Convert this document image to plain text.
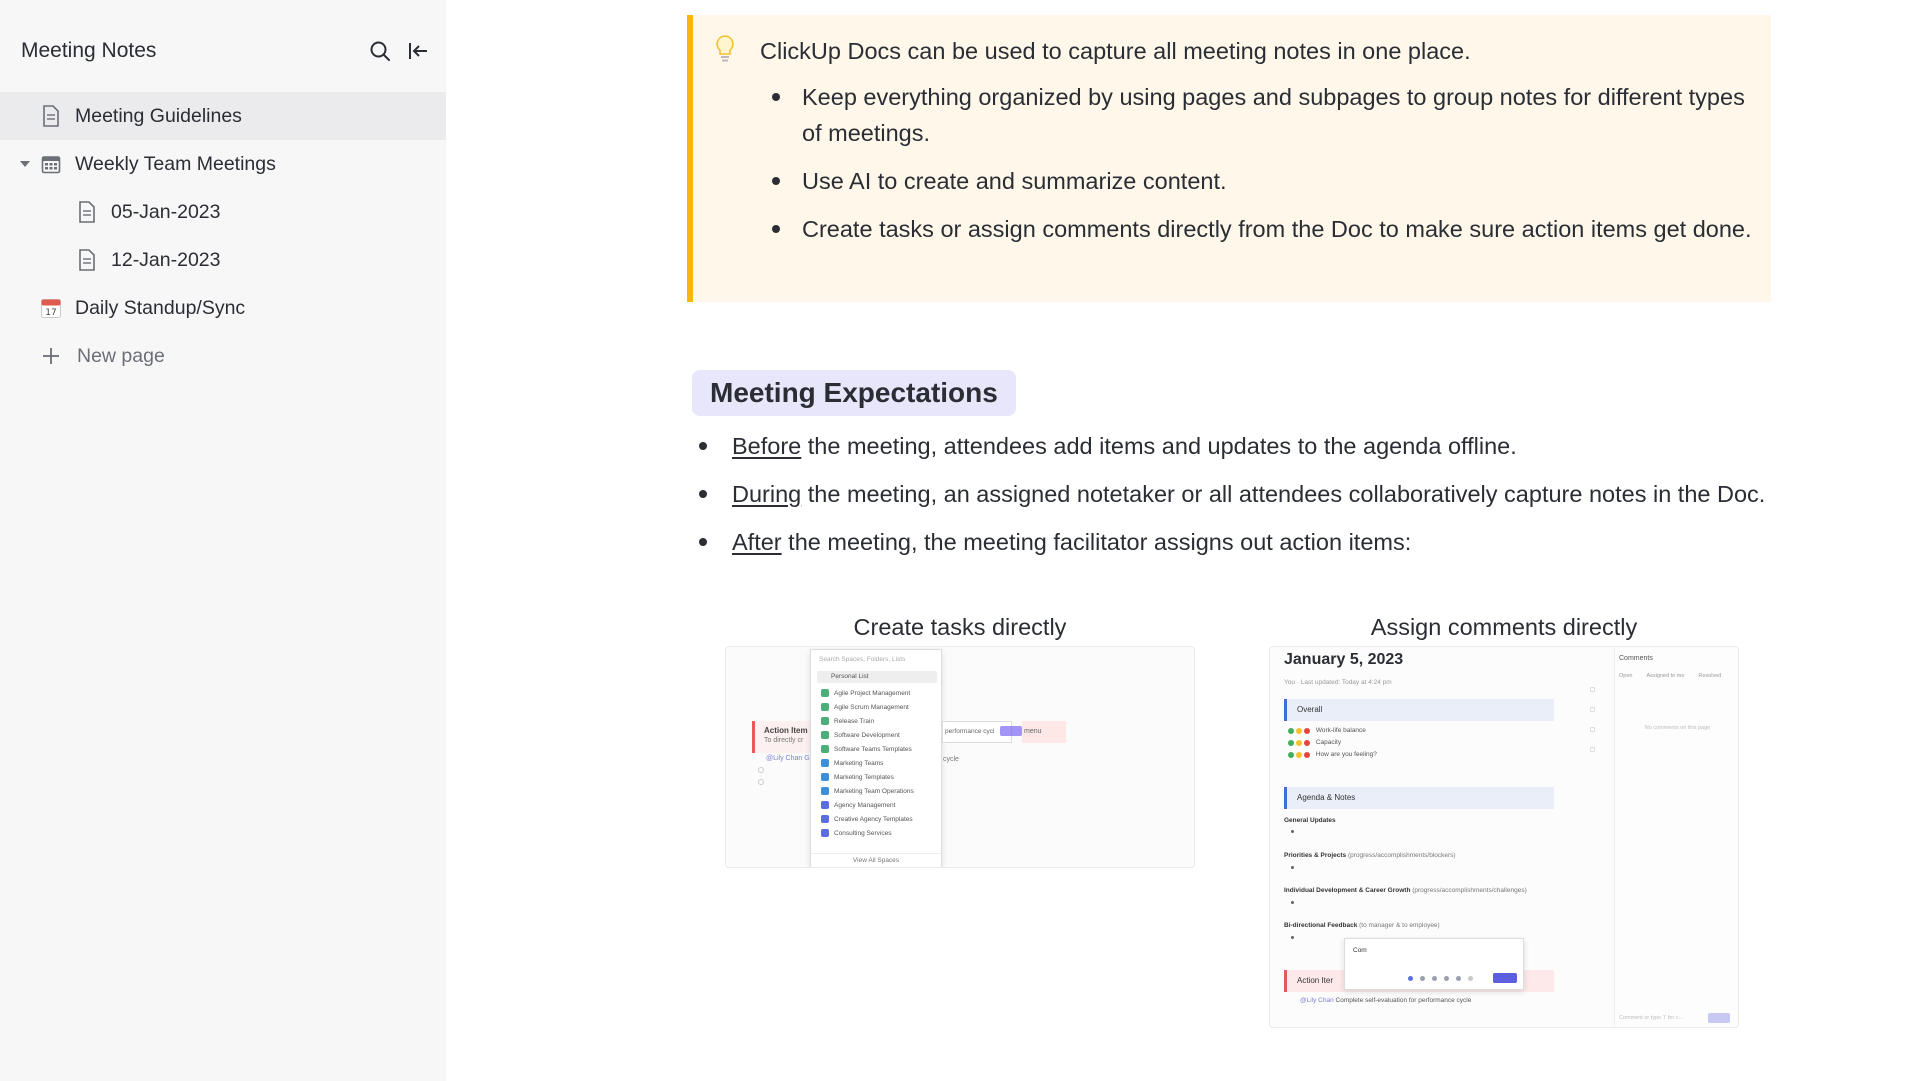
Meeting Notes
Meeting Guidelines
Weekly Team Meetings
05-Jan-2023
12-Jan-2023
17 Daily Standup/Sync
New page
ClickUp Docs can be used to capture all meeting notes in one place.
Keep everything organized by using pages and subpages to group notes for different types of meetings.
Use AI to create and summarize content.
Create tasks or assign comments directly from the Doc to make sure action items get done.
Meeting Expectations
Before the meeting, attendees add items and updates to the agenda offline.
During the meeting, an assigned notetaker or all attendees collaboratively capture notes in the Doc.
After the meeting, the meeting facilitator assigns out action items:
Create tasks directly	Assign comments directly
Action Item
To directly cr
@Lily Chan G
Search Spaces, Folders, Lists
Personal List
Agile Project Management
Agile Scrum Management
Release Train
Software Development
Software Teams Templates
Marketing Teams
Marketing Templates
Marketing Team Operations
Agency Management
Creative Agency Templates
Consulting Services
View All Spaces
performance cycl	menu
cycle
January 5, 2023
You · Last updated: Today at 4:24 pm
Overall

Work-life balance

Capacity

How are you feeling?
Agenda & Notes
General Updates
Priorities & Projects (progress/accomplishments/blockers)
Individual Development & Career Growth (progress/accomplishments/challenges)
Bi-directional Feedback (to manager & to employee)
Action Iter
@Lily Chan Complete self-evaluation for performance cycle
Com
Comments
Open	Assigned to me	Resolved
No comments on this page
Comment or type '/' for c...
